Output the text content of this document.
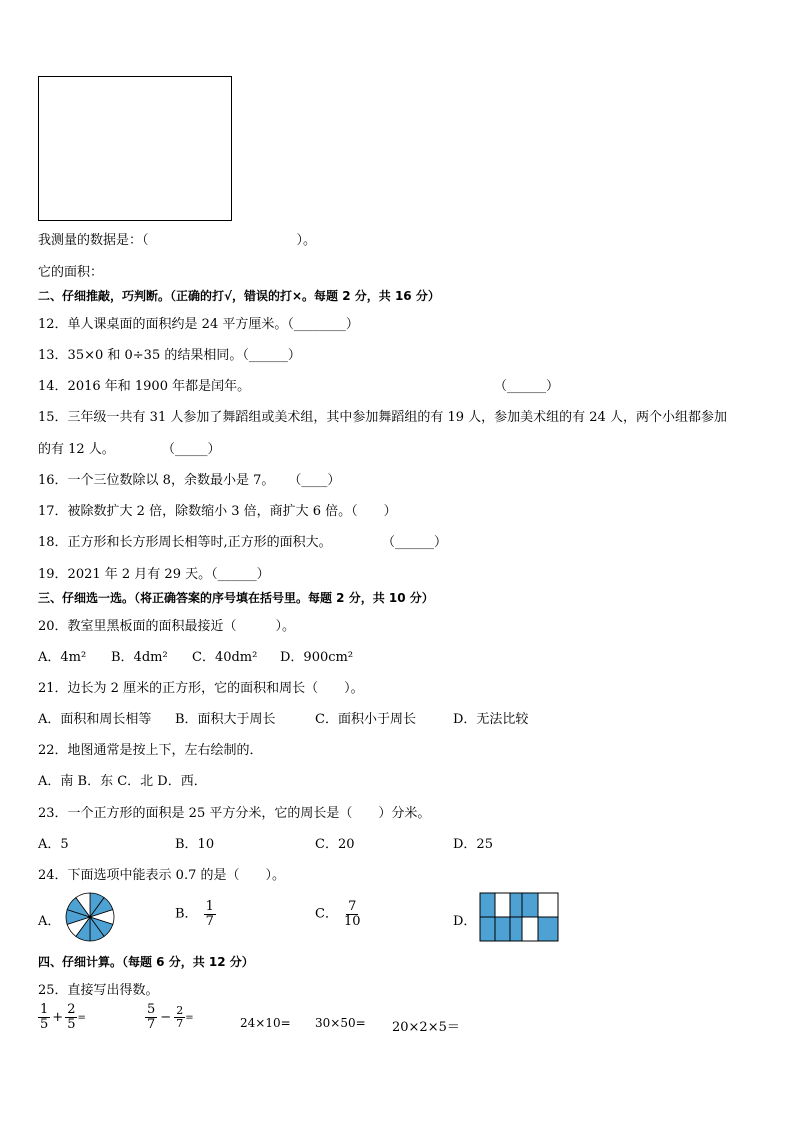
我测量的数据是：（	）。
它的面积：
二、仔细推敲，巧判断。（正确的打√，错误的打×。每题 2 分，共 16 分）
12．单人课桌面的面积约是 24 平方厘米。（________）
13．35×0 和 0÷35 的结果相同。（______）
14．2016 年和 1900 年都是闰年。	（______）
15．三年级一共有 31 人参加了舞蹈组或美术组，其中参加舞蹈组的有 19 人，参加美术组的有 24 人，两个小组都参加
的有 12 人。	（_____）
16．一个三位数除以 8，余数最小是 7。 （____）
17．被除数扩大 2 倍，除数缩小 3 倍，商扩大 6 倍。（　　）
18．正方形和长方形周长相等时,正方形的面积大。	（______）
19．2021 年 2 月有 29 天。（______）
三、仔细选一选。（将正确答案的序号填在括号里。每题 2 分，共 10 分）
20．教室里黑板面的面积最接近（　　　）。
A．4m² B．4dm² C．40dm² D．900cm²
21．边长为 2 厘米的正方形，它的面积和周长（　　）。
A．面积和周长相等 B．面积大于周长	C．面积小于周长	D．无法比较
22．地图通常是按上下，左右绘制的．
A．南 B．东 C．北 D．西．
23．一个正方形的面积是 25 平方分米，它的周长是（　　）分米。
A．5	B．10	C．20	D．25
24．下面选项中能表示 0.7 的是（　　）。
A．	B． $\frac{1}{7}$	C． $\frac{7}{10}$	D．
四、仔细计算。（每题 6 分，共 12 分）
25．直接写出得数。
$\frac{1}{5} + \frac{2}{5}$ =	$\frac{5}{7} - \frac{2}{7}$ =	24×10= 30×50= 20×2×5＝
